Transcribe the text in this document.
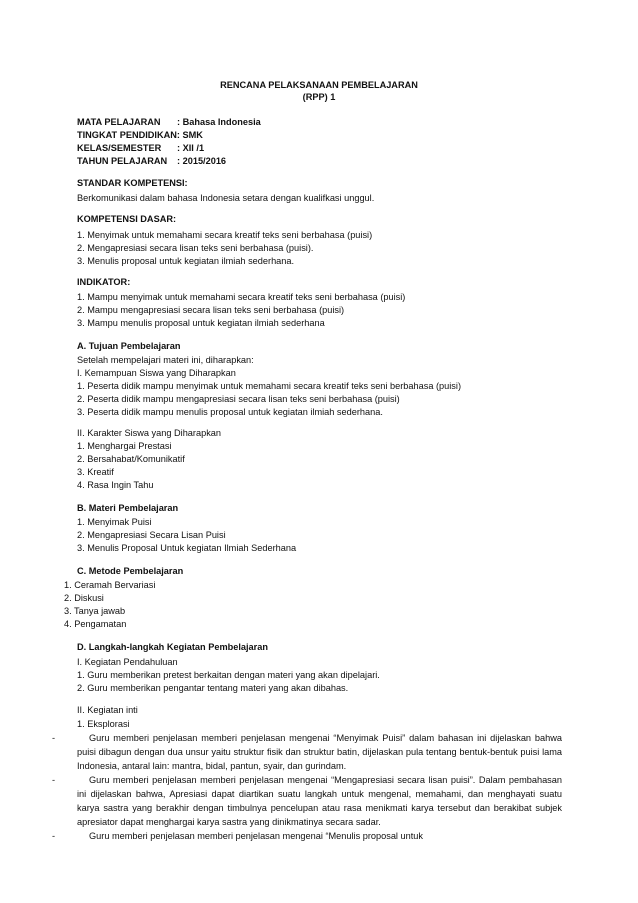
RENCANA PELAKSANAAN PEMBELAJARAN
(RPP) 1
MATA PELAJARAN : Bahasa Indonesia
TINGKAT PENDIDIKAN: SMK
KELAS/SEMESTER : XII /1
TAHUN PELAJARAN : 2015/2016
STANDAR KOMPETENSI:
Berkomunikasi dalam bahasa Indonesia setara dengan kualifkasi unggul.
KOMPETENSI DASAR:
1. Menyimak untuk memahami secara kreatif teks seni berbahasa (puisi)
2. Mengapresiasi secara lisan teks seni berbahasa (puisi).
3. Menulis proposal untuk kegiatan ilmiah sederhana.
INDIKATOR:
1. Mampu menyimak untuk memahami secara kreatif teks seni berbahasa (puisi)
2. Mampu mengapresiasi secara lisan teks seni berbahasa (puisi)
3. Mampu menulis proposal untuk kegiatan ilmiah sederhana
A. Tujuan Pembelajaran
Setelah mempelajari materi ini, diharapkan:
I. Kemampuan Siswa yang Diharapkan
1. Peserta didik mampu menyimak untuk memahami secara kreatif teks seni berbahasa (puisi)
2. Peserta didik mampu mengapresiasi secara lisan teks seni berbahasa (puisi)
3. Peserta didik mampu menulis proposal untuk kegiatan ilmiah sederhana.
II. Karakter Siswa yang Diharapkan
1. Menghargai Prestasi
2. Bersahabat/Komunikatif
3. Kreatif
4. Rasa Ingin Tahu
B. Materi Pembelajaran
1. Menyimak Puisi
2. Mengapresiasi Secara Lisan Puisi
3. Menulis Proposal Untuk kegiatan Ilmiah Sederhana
C. Metode Pembelajaran
1. Ceramah Bervariasi
2. Diskusi
3. Tanya jawab
4. Pengamatan
D. Langkah-langkah Kegiatan Pembelajaran
I. Kegiatan Pendahuluan
1. Guru memberikan pretest berkaitan dengan materi yang akan dipelajari.
2. Guru memberikan pengantar tentang materi yang akan dibahas.
II. Kegiatan inti
1. Eksplorasi
-	Guru memberi penjelasan memberi penjelasan mengenai “Menyimak Puisi” dalam bahasan ini dijelaskan bahwa puisi dibagun dengan dua unsur yaitu struktur fisik dan struktur batin, dijelaskan pula tentang bentuk-bentuk puisi lama Indonesia, antaral lain: mantra, bidal, pantun, syair, dan gurindam.
-	Guru memberi penjelasan memberi penjelasan mengenai “Mengapresiasi secara lisan puisi”. Dalam pembahasan ini dijelaskan bahwa, Apresiasi dapat diartikan suatu langkah untuk mengenal, memahami, dan menghayati suatu karya sastra yang berakhir dengan timbulnya pencelupan atau rasa menikmati karya tersebut dan berakibat subjek apresiator dapat menghargai karya sastra yang dinikmatinya secara sadar.
-	Guru memberi penjelasan memberi penjelasan mengenai “Menulis proposal untuk
